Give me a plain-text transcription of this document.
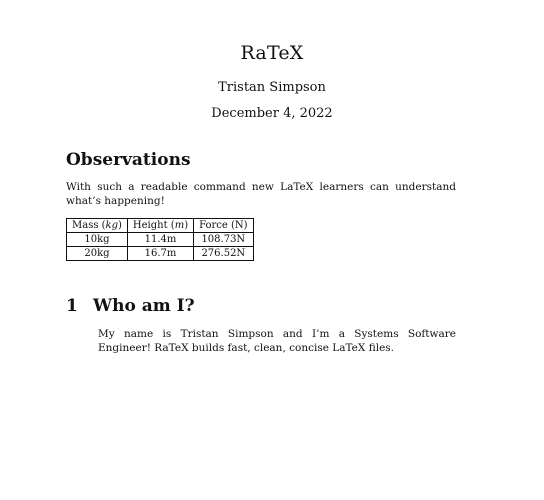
RaTeX
Tristan Simpson
December 4, 2022
Observations
With such a readable command new LaTeX learners can understand what’s happening!
Mass (kg)	Height (m)	Force (N)
10kg	11.4m	108.73N
20kg	16.7m	276.52N
1 Who am I?
My name is Tristan Simpson and I’m a Systems Software Engineer! RaTeX builds fast, clean, concise LaTeX files.
